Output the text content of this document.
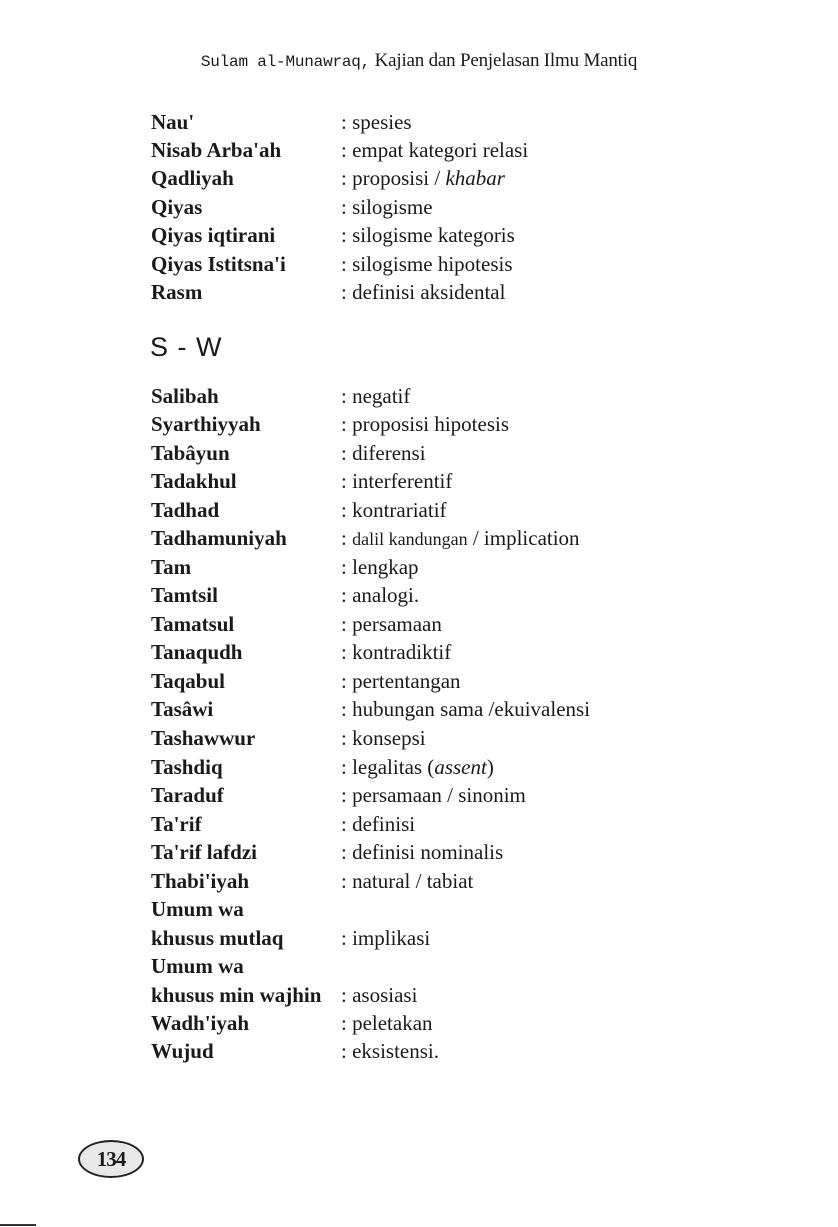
Sulam al-Munawraq, Kajian dan Penjelasan Ilmu Mantiq
Nau'	: spesies
Nisab Arba'ah	: empat kategori relasi
Qadliyah	: proposisi / khabar
Qiyas	: silogisme
Qiyas iqtirani	: silogisme kategoris
Qiyas Istitsna'i	: silogisme hipotesis
Rasm	: definisi aksidental
S - W
Salibah	: negatif
Syarthiyyah	: proposisi hipotesis
Tabâyun	: diferensi
Tadakhul	: interferentif
Tadhad	: kontrariatif
Tadhamuniyah	: dalil kandungan / implication
Tam	: lengkap
Tamtsil	: analogi.
Tamatsul	: persamaan
Tanaqudh	: kontradiktif
Taqabul	: pertentangan
Tasâwi	: hubungan sama /ekuivalensi
Tashawwur	: konsepsi
Tashdiq	: legalitas (assent)
Taraduf	: persamaan / sinonim
Ta'rif	: definisi
Ta'rif lafdzi	: definisi nominalis
Thabi'iyah	: natural / tabiat
Umum wa
khusus mutlaq	: implikasi
Umum wa
khusus min wajhin : asosiasi
Wadh'iyah	: peletakan
Wujud	: eksistensi.
134
